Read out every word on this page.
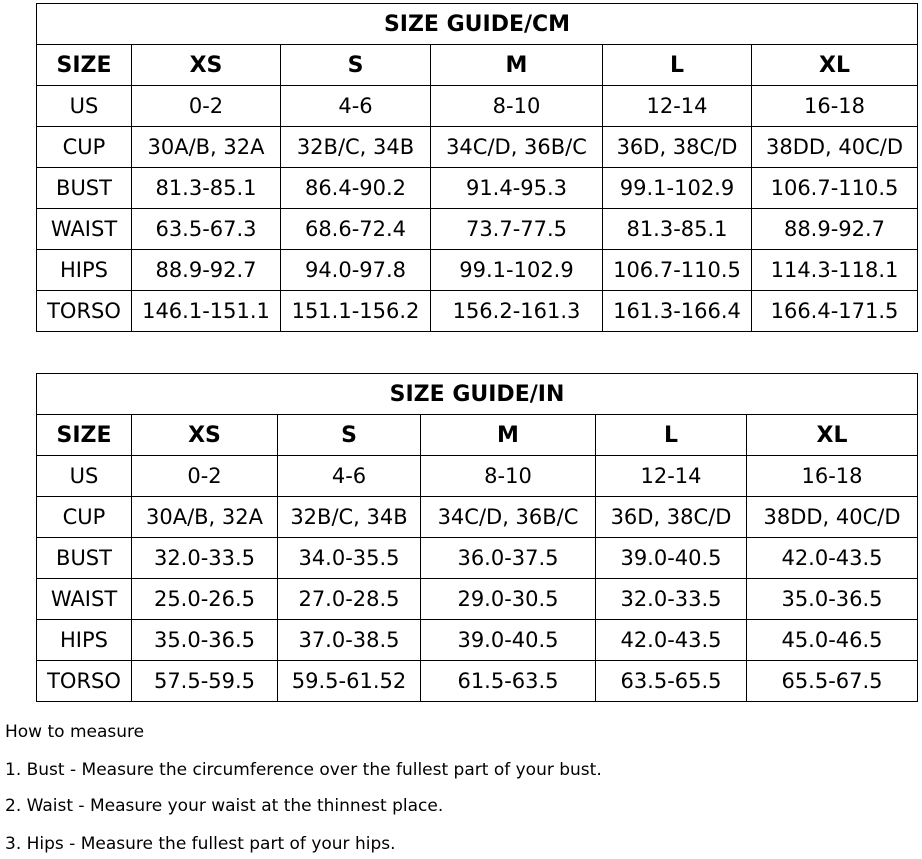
SIZE GUIDE/CM					
SIZE	XS	S	M	L	XL
US	0-2	4-6	8-10	12-14	16-18
CUP	30A/B, 32A	32B/C, 34B	34C/D, 36B/C	36D, 38C/D	38DD, 40C/D
BUST	81.3-85.1	86.4-90.2	91.4-95.3	99.1-102.9	106.7-110.5
WAIST	63.5-67.3	68.6-72.4	73.7-77.5	81.3-85.1	88.9-92.7
HIPS	88.9-92.7	94.0-97.8	99.1-102.9	106.7-110.5	114.3-118.1
TORSO	146.1-151.1	151.1-156.2	156.2-161.3	161.3-166.4	166.4-171.5
SIZE GUIDE/IN					
SIZE	XS	S	M	L	XL
US	0-2	4-6	8-10	12-14	16-18
CUP	30A/B, 32A	32B/C, 34B	34C/D, 36B/C	36D, 38C/D	38DD, 40C/D
BUST	32.0-33.5	34.0-35.5	36.0-37.5	39.0-40.5	42.0-43.5
WAIST	25.0-26.5	27.0-28.5	29.0-30.5	32.0-33.5	35.0-36.5
HIPS	35.0-36.5	37.0-38.5	39.0-40.5	42.0-43.5	45.0-46.5
TORSO	57.5-59.5	59.5-61.52	61.5-63.5	63.5-65.5	65.5-67.5
How to measure
1. Bust - Measure the circumference over the fullest part of your bust.
2. Waist - Measure your waist at the thinnest place.
3. Hips - Measure the fullest part of your hips.
